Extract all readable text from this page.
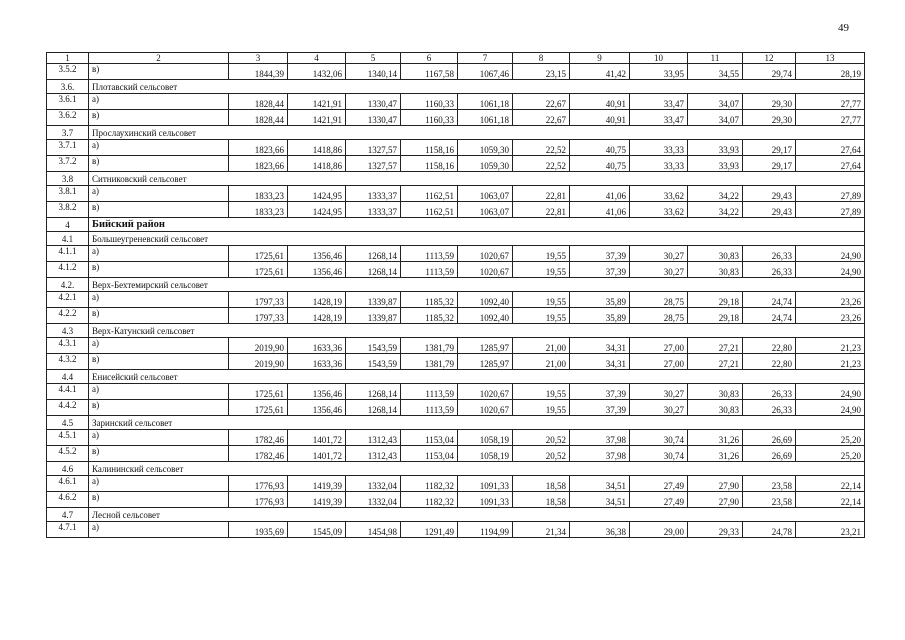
49
1	2	3	4	5	6	7	8	9	10	11	12	13
3.5.2	в)	1844,39	1432,06	1340,14	1167,58	1067,46	23,15	41,42	33,95	34,55	29,74	28,19
3.6.	Плотавский сельсовет											
3.6.1	а)	1828,44	1421,91	1330,47	1160,33	1061,18	22,67	40,91	33,47	34,07	29,30	27,77
3.6.2	в)	1828,44	1421,91	1330,47	1160,33	1061,18	22,67	40,91	33,47	34,07	29,30	27,77
3.7	Прослаухинский сельсовет											
3.7.1	а)	1823,66	1418,86	1327,57	1158,16	1059,30	22,52	40,75	33,33	33,93	29,17	27,64
3.7.2	в)	1823,66	1418,86	1327,57	1158,16	1059,30	22,52	40,75	33,33	33,93	29,17	27,64
3.8	Ситниковский сельсовет											
3.8.1	а)	1833,23	1424,95	1333,37	1162,51	1063,07	22,81	41,06	33,62	34,22	29,43	27,89
3.8.2	в)	1833,23	1424,95	1333,37	1162,51	1063,07	22,81	41,06	33,62	34,22	29,43	27,89
4	Бийский район											
4.1	Большеугреневский сельсовет											
4.1.1	а)	1725,61	1356,46	1268,14	1113,59	1020,67	19,55	37,39	30,27	30,83	26,33	24,90
4.1.2	в)	1725,61	1356,46	1268,14	1113,59	1020,67	19,55	37,39	30,27	30,83	26,33	24,90
4.2.	Верх-Бехтемирский сельсовет											
4.2.1	а)	1797,33	1428,19	1339,87	1185,32	1092,40	19,55	35,89	28,75	29,18	24,74	23,26
4.2.2	в)	1797,33	1428,19	1339,87	1185,32	1092,40	19,55	35,89	28,75	29,18	24,74	23,26
4.3	Верх-Катунский сельсовет											
4.3.1	а)	2019,90	1633,36	1543,59	1381,79	1285,97	21,00	34,31	27,00	27,21	22,80	21,23
4.3.2	в)	2019,90	1633,36	1543,59	1381,79	1285,97	21,00	34,31	27,00	27,21	22,80	21,23
4.4	Енисейский сельсовет											
4.4.1	а)	1725,61	1356,46	1268,14	1113,59	1020,67	19,55	37,39	30,27	30,83	26,33	24,90
4.4.2	в)	1725,61	1356,46	1268,14	1113,59	1020,67	19,55	37,39	30,27	30,83	26,33	24,90
4.5	Заринский сельсовет											
4.5.1	а)	1782,46	1401,72	1312,43	1153,04	1058,19	20,52	37,98	30,74	31,26	26,69	25,20
4.5.2	в)	1782,46	1401,72	1312,43	1153,04	1058,19	20,52	37,98	30,74	31,26	26,69	25,20
4.6	Калининский сельсовет											
4.6.1	а)	1776,93	1419,39	1332,04	1182,32	1091,33	18,58	34,51	27,49	27,90	23,58	22,14
4.6.2	в)	1776,93	1419,39	1332,04	1182,32	1091,33	18,58	34,51	27,49	27,90	23,58	22,14
4.7	Лесной сельсовет											
4.7.1	а)	1935,69	1545,09	1454,98	1291,49	1194,99	21,34	36,38	29,00	29,33	24,78	23,21
